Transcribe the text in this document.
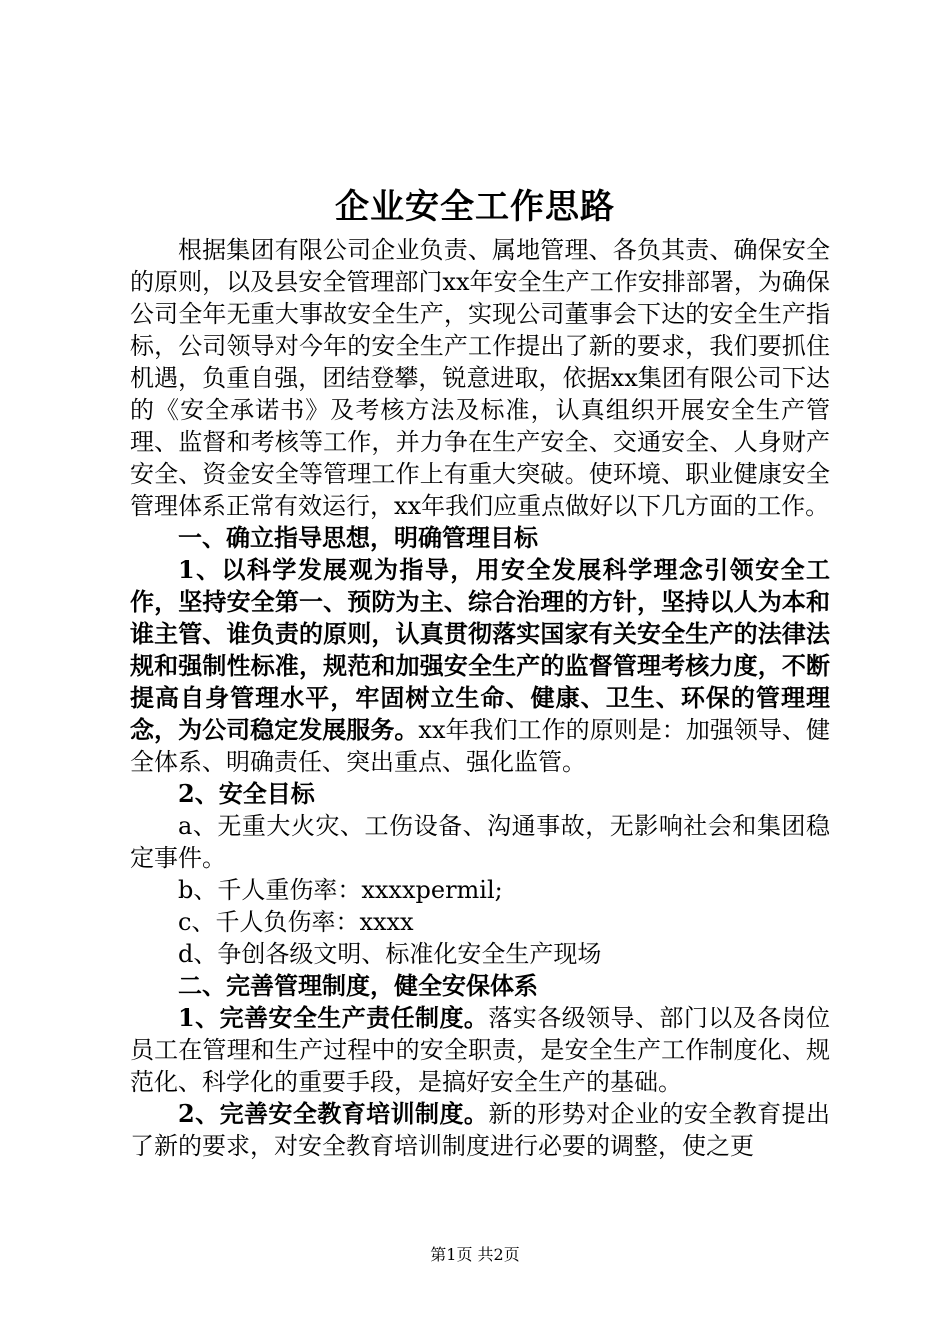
企业安全工作思路

根据集团有限公司企业负责、属地管理、各负其责、确保安全的原则，以及县安全管理部门xx年安全生产工作安排部署，为确保公司全年无重大事故安全生产，实现公司董事会下达的安全生产指标，公司领导对今年的安全生产工作提出了新的要求，我们要抓住机遇，负重自强，团结登攀，锐意进取，依据xx集团有限公司下达的《安全承诺书》及考核方法及标准，认真组织开展安全生产管理、监督和考核等工作，并力争在生产安全、交通安全、人身财产安全、资金安全等管理工作上有重大突破。使环境、职业健康安全管理体系正常有效运行，xx年我们应重点做好以下几方面的工作。

一、确立指导思想，明确管理目标

1、以科学发展观为指导，用安全发展科学理念引领安全工作，坚持安全第一、预防为主、综合治理的方针，坚持以人为本和谁主管、谁负责的原则，认真贯彻落实国家有关安全生产的法律法规和强制性标准，规范和加强安全生产的监督管理考核力度，不断提高自身管理水平，牢固树立生命、健康、卫生、环保的管理理念，为公司稳定发展服务。xx年我们工作的原则是：加强领导、健全体系、明确责任、突出重点、强化监管。

2、安全目标

a、无重大火灾、工伤设备、沟通事故，无影响社会和集团稳定事件。

b、千人重伤率：xxxxpermil;

c、千人负伤率：xxxx

d、争创各级文明、标准化安全生产现场

二、完善管理制度，健全安保体系

1、完善安全生产责任制度。落实各级领导、部门以及各岗位员工在管理和生产过程中的安全职责，是安全生产工作制度化、规范化、科学化的重要手段，是搞好安全生产的基础。

2、完善安全教育培训制度。新的形势对企业的安全教育提出了新的要求，对安全教育培训制度进行必要的调整，使之更

第1页 共2页
